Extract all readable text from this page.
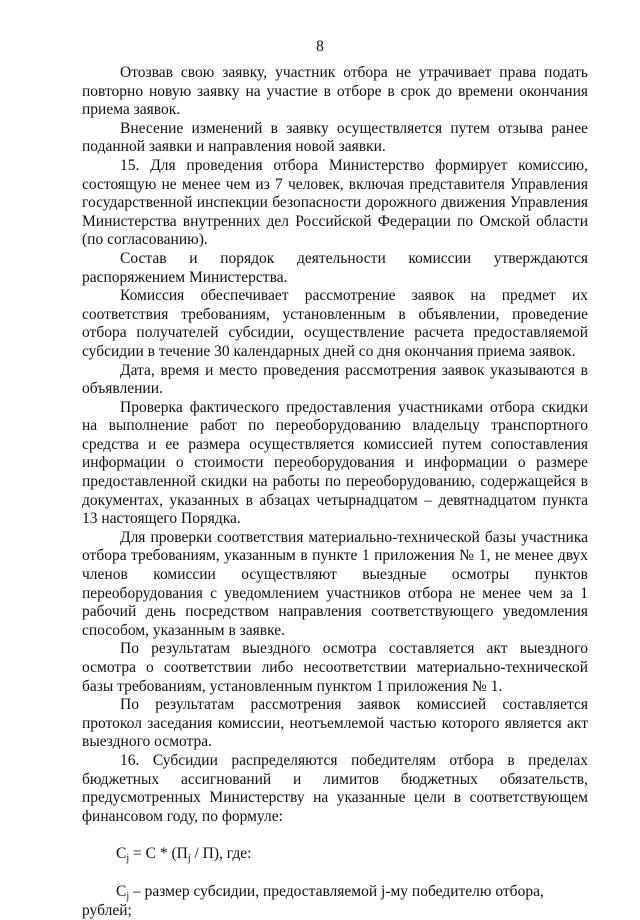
8

Отозвав свою заявку, участник отбора не утрачивает права подать повторно новую заявку на участие в отборе в срок до времени окончания приема заявок.

Внесение изменений в заявку осуществляется путем отзыва ранее поданной заявки и направления новой заявки.

15. Для проведения отбора Министерство формирует комиссию, состоящую не менее чем из 7 человек, включая представителя Управления государственной инспекции безопасности дорожного движения Управления Министерства внутренних дел Российской Федерации по Омской области (по согласованию).

Состав и порядок деятельности комиссии утверждаются распоряжением Министерства.

Комиссия обеспечивает рассмотрение заявок на предмет их соответствия требованиям, установленным в объявлении, проведение отбора получателей субсидии, осуществление расчета предоставляемой субсидии в течение 30 календарных дней со дня окончания приема заявок.

Дата, время и место проведения рассмотрения заявок указываются в объявлении.

Проверка фактического предоставления участниками отбора скидки на выполнение работ по переоборудованию владельцу транспортного средства и ее размера осуществляется комиссией путем сопоставления информации о стоимости переоборудования и информации о размере предоставленной скидки на работы по переоборудованию, содержащейся в документах, указанных в абзацах четырнадцатом – девятнадцатом пункта 13 настоящего Порядка.

Для проверки соответствия материально-технической базы участника отбора требованиям, указанным в пункте 1 приложения № 1, не менее двух членов комиссии осуществляют выездные осмотры пунктов переоборудования с уведомлением участников отбора не менее чем за 1 рабочий день посредством направления соответствующего уведомления способом, указанным в заявке.

По результатам выездного осмотра составляется акт выездного осмотра о соответствии либо несоответствии материально-технической базы требованиям, установленным пунктом 1 приложения № 1.

По результатам рассмотрения заявок комиссией составляется протокол заседания комиссии, неотъемлемой частью которого является акт выездного осмотра.

16. Субсидии распределяются победителям отбора в пределах бюджетных ассигнований и лимитов бюджетных обязательств, предусмотренных Министерству на указанные цели в соответствующем финансовом году, по формуле:

$С_j = С * (П_j / П)$, где:

$С_j$ – размер субсидии, предоставляемой j-му победителю отбора, рублей;
